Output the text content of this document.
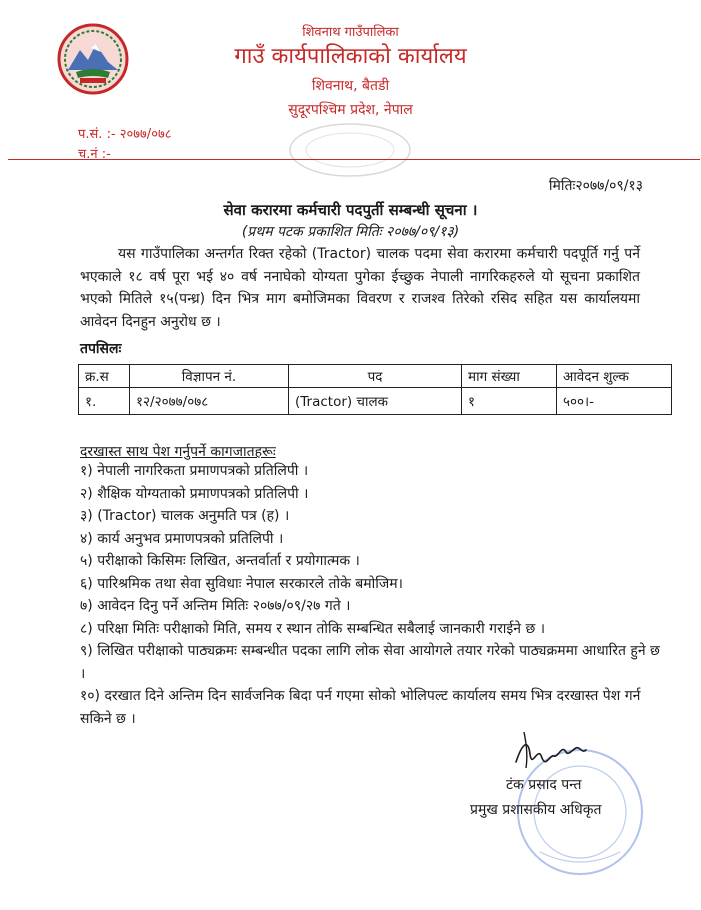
शिवनाथ गाउँपालिका
गाउँ कार्यपालिकाको कार्यालय
शिवनाथ, बैतडी
सुदूरपश्चिम प्रदेश, नेपाल
प.सं. :- २०७७/०७८
च.नं :-
मितिः२०७७/०९/१३
सेवा करारमा कर्मचारी पदपुर्ती सम्बन्धी सूचना ।
(प्रथम पटक प्रकाशित मितिः २०७७/०९/१३)

यस गाउँपालिका अन्तर्गत रिक्त रहेको (Tractor) चालक पदमा सेवा करारमा कर्मचारी पदपूर्ति गर्नु पर्ने भएकाले १८ वर्ष पूरा भई ४० वर्ष ननाघेको योग्यता पुगेका ईच्छुक नेपाली नागरिकहरुले यो सूचना प्रकाशित भएको मितिले १५(पन्ध्र) दिन भित्र माग बमोजिमका विवरण र राजश्व तिरेको रसिद सहित यस कार्यालयमा आवेदन दिनहुन अनुरोध छ ।

तपसिलः
क्र.स	विज्ञापन नं.	पद	माग संख्या	आवेदन शुल्क
१.	१२/२०७७/०७८	(Tractor) चालक	१	५००।-
दरखास्त साथ पेश गर्नुपर्ने कागजातहरूः
१) नेपाली नागरिकता प्रमाणपत्रको प्रतिलिपी ।
२) शैक्षिक योग्यताको प्रमाणपत्रको प्रतिलिपी ।
३) (Tractor) चालक अनुमति पत्र (ह) ।
४) कार्य अनुभव प्रमाणपत्रको प्रतिलिपी ।
५) परीक्षाको किसिमः लिखित, अन्तर्वार्ता र प्रयोगात्मक ।
६) पारिश्रमिक तथा सेवा सुविधाः नेपाल सरकारले तोके बमोजिम।
७) आवेदन दिनु पर्ने अन्तिम मितिः २०७७/०९/२७ गते ।
८) परिक्षा मितिः परीक्षाको मिति, समय र स्थान तोकि सम्बन्धित सबैलाई जानकारी गराईने छ ।
९) लिखित परीक्षाको पाठ्यक्रमः सम्बन्धीत पदका लागि लोक सेवा आयोगले तयार गरेको पाठ्यक्रममा आधारित हुने छ ।
१०) दरखात दिने अन्तिम दिन सार्वजनिक बिदा पर्न गएमा सोको भोलिपल्ट कार्यालय समय भित्र दरखास्त पेश गर्न सकिने छ ।
टंक प्रसाद पन्त
प्रमुख प्रशासकीय अधिकृत
